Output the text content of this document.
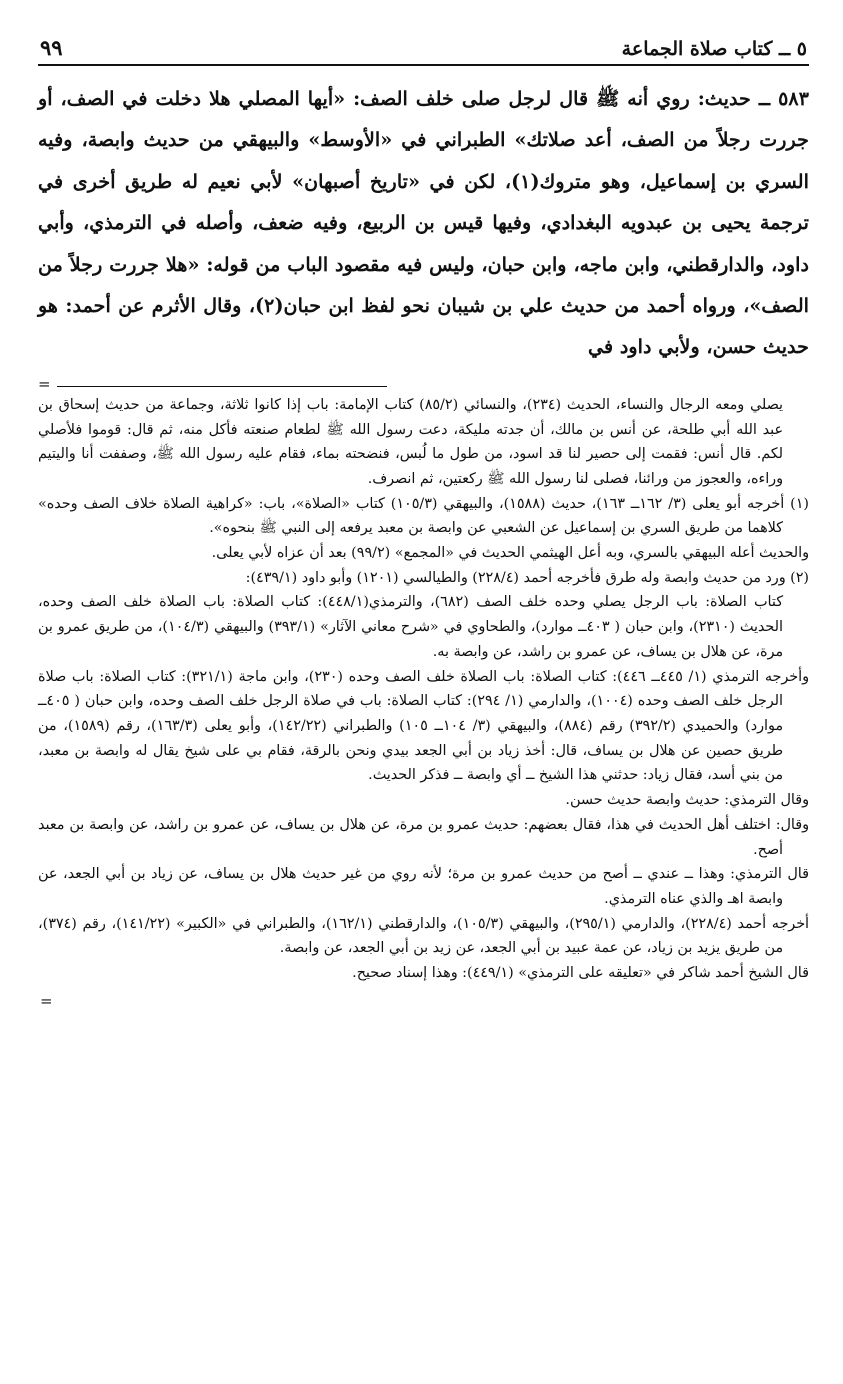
٥ ــ كتاب صلاة الجماعة
٩٩
٥٨٣ ــ حديث: روي أنه ﷺ قال لرجل صلى خلف الصف: «أيها المصلي هلا دخلت في الصف، أو جررت رجلاً من الصف، أعد صلاتك» الطبراني في «الأوسط» والبيهقي من حديث وابصة، وفيه السري بن إسماعيل، وهو متروك(١)، لكن في «تاريخ أصبهان» لأبي نعيم له طريق أخرى في ترجمة يحيى بن عبدويه البغدادي، وفيها قيس بن الربيع، وفيه ضعف، وأصله في الترمذي، وأبي داود، والدارقطني، وابن ماجه، وابن حبان، وليس فيه مقصود الباب من قوله: «هلا جررت رجلاً من الصف»، ورواه أحمد من حديث علي بن شيبان نحو لفظ ابن حبان(٢)، وقال الأثرم عن أحمد: هو حديث حسن، ولأبي داود في
=

يصلي ومعه الرجال والنساء، الحديث (٢٣٤)، والنسائي (٨٥/٢) كتاب الإمامة: باب إذا كانوا ثلاثة، وجماعة من حديث إسحاق بن عبد الله أبي طلحة، عن أنس بن مالك، أن جدته مليكة، دعت رسول الله ﷺ لطعام صنعته فأكل منه، ثم قال: قوموا فلأصلي لكم. قال أنس: فقمت إلى حصير لنا قد اسود، من طول ما لُبس، فنضحته بماء، فقام عليه رسول الله ﷺ، وصففت أنا واليتيم وراءه، والعجوز من ورائنا، فصلى لنا رسول الله ﷺ ركعتين، ثم انصرف.

(١) أخرجه أبو يعلى (٣/ ١٦٢ــ ١٦٣)، حديث (١٥٨٨)، والبيهقي (١٠٥/٣) كتاب «الصلاة»، باب: «كراهية الصلاة خلاف الصف وحده» كلاهما من طريق السري بن إسماعيل عن الشعبي عن وابصة بن معبد يرفعه إلى النبي ﷺ بنحوه».

والحديث أعله البيهقي بالسري، وبه أعل الهيثمي الحديث في «المجمع» (٩٩/٢) بعد أن عزاه لأبي يعلى.

(٢) ورد من حديث وابصة وله طرق فأخرجه أحمد (٢٢٨/٤) والطيالسي (١٢٠١) وأبو داود (٤٣٩/١):

كتاب الصلاة: باب الرجل يصلي وحده خلف الصف (٦٨٢)، والترمذي(٤٤٨/١): كتاب الصلاة: باب الصلاة خلف الصف وحده، الحديث (٢٣١٠)، وابن حبان ( ٤٠٣ــ موارد)، والطحاوي في «شرح معاني الآثار» (٣٩٣/١) والبيهقي (١٠٤/٣)، من طريق عمرو بن مرة، عن هلال بن يساف، عن عمرو بن راشد، عن وابصة به.

وأخرجه الترمذي (١/ ٤٤٥ــ ٤٤٦): كتاب الصلاة: باب الصلاة خلف الصف وحده (٢٣٠)، وابن ماجة (٣٢١/١): كتاب الصلاة: باب صلاة الرجل خلف الصف وحده (١٠٠٤)، والدارمي (١/ ٢٩٤): كتاب الصلاة: باب في صلاة الرجل خلف الصف وحده، وابن حبان ( ٤٠٥ــ موارد) والحميدي (٣٩٢/٢) رقم (٨٨٤)، والبيهقي (٣/ ١٠٤ــ ١٠٥) والطبراني (١٤٢/٢٢)، وأبو يعلى (١٦٣/٣)، رقم (١٥٨٩)، من طريق حصين عن هلال بن يساف، قال: أخذ زياد بن أبي الجعد بيدي ونحن بالرقة، فقام بي على شيخ يقال له وابصة بن معبد، من بني أسد، فقال زياد: حدثني هذا الشيخ ــ أي وابصة ــ فذكر الحديث.

وقال الترمذي: حديث وابصة حديث حسن.

وقال: اختلف أهل الحديث في هذا، فقال بعضهم: حديث عمرو بن مرة، عن هلال بن يساف، عن عمرو بن راشد، عن وابصة بن معبد أصح.

قال الترمذي: وهذا ــ عندي ــ أصح من حديث عمرو بن مرة؛ لأنه روي من غير حديث هلال بن يساف، عن زياد بن أبي الجعد، عن وابصة اهـ والذي عناه الترمذي.

أخرجه أحمد (٢٢٨/٤)، والدارمي (٢٩٥/١)، والبيهقي (١٠٥/٣)، والدارقطني (١٦٢/١)، والطبراني في «الكبير» (١٤١/٢٢)، رقم (٣٧٤)، من طريق يزيد بن زياد، عن عمة عبيد بن أبي الجعد، عن زيد بن أبي الجعد، عن وابصة.

قال الشيخ أحمد شاكر في «تعليقه على الترمذي» (٤٤٩/١): وهذا إسناد صحيح.

=
